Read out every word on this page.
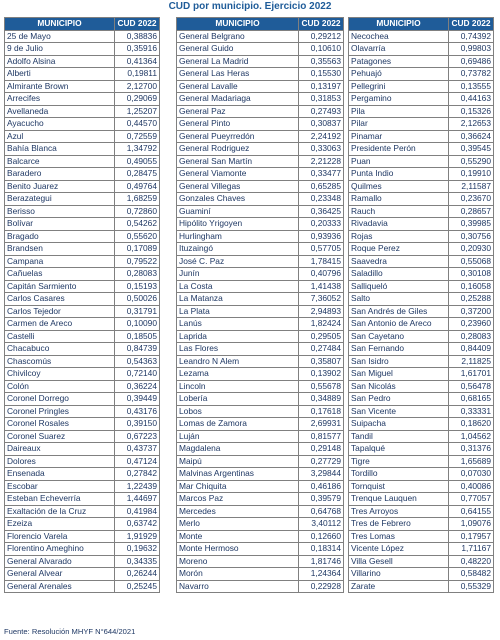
CUD por municipio. Ejercicio 2022
MUNICIPIO	CUD 2022
25 de Mayo	0,38836
9 de Julio	0,35916
Adolfo Alsina	0,41364
Alberti	0,19811
Almirante Brown	2,12700
Arrecifes	0,29069
Avellaneda	1,25207
Ayacucho	0,44570
Azul	0,72559
Bahía Blanca	1,34792
Balcarce	0,49055
Baradero	0,28475
Benito Juarez	0,49764
Berazategui	1,68259
Berisso	0,72860
Bolívar	0,54262
Bragado	0,55620
Brandsen	0,17089
Campana	0,79522
Cañuelas	0,28083
Capitán Sarmiento	0,15193
Carlos Casares	0,50026
Carlos Tejedor	0,31791
Carmen de Areco	0,10090
Castelli	0,18505
Chacabuco	0,84739
Chascomús	0,54363
Chivilcoy	0,72140
Colón	0,36224
Coronel Dorrego	0,39449
Coronel Pringles	0,43176
Coronel Rosales	0,39150
Coronel Suarez	0,67223
Daireaux	0,43737
Dolores	0,47124
Ensenada	0,27842
Escobar	1,22439
Esteban Echeverría	1,44697
Exaltación de la Cruz	0,41984
Ezeiza	0,63742
Florencio Varela	1,91929
Florentino Ameghino	0,19632
General Alvarado	0,34335
General Alvear	0,26244
General Arenales	0,25245
MUNICIPIO	CUD 2022
General Belgrano	0,29212
General Guido	0,10610
General La Madrid	0,35563
General Las Heras	0,15530
General Lavalle	0,13197
General Madariaga	0,31853
General Paz	0,27493
General Pinto	0,30837
General Pueyrredón	2,24192
General Rodriguez	0,33063
General San Martín	2,21228
General Viamonte	0,33477
General Villegas	0,65285
Gonzales Chaves	0,23348
Guaminí	0,36425
Hipólito Yrigoyen	0,20333
Hurlingham	0,93936
Ituzaingó	0,57705
José C. Paz	1,78415
Junín	0,40796
La Costa	1,41438
La Matanza	7,36052
La Plata	2,94893
Lanús	1,82424
Laprida	0,29505
Las Flores	0,27484
Leandro N Alem	0,35807
Lezama	0,13902
Lincoln	0,55678
Lobería	0,34889
Lobos	0,17618
Lomas de Zamora	2,69931
Luján	0,81577
Magdalena	0,29148
Maipú	0,27729
Malvinas Argentinas	3,29844
Mar Chiquita	0,46186
Marcos Paz	0,39579
Mercedes	0,64768
Merlo	3,40112
Monte	0,12660
Monte Hermoso	0,18314
Moreno	1,81746
Morón	1,24364
Navarro	0,22928
MUNICIPIO	CUD 2022
Necochea	0,74392
Olavarría	0,99803
Patagones	0,69486
Pehuajó	0,73782
Pellegrini	0,13555
Pergamino	0,44163
Pila	0,15326
Pilar	2,12653
Pinamar	0,36624
Presidente Perón	0,39545
Puan	0,55290
Punta Indio	0,19910
Quilmes	2,11587
Ramallo	0,23670
Rauch	0,28657
Rivadavia	0,39985
Rojas	0,30756
Roque Perez	0,20930
Saavedra	0,55068
Saladillo	0,30108
Salliqueló	0,16058
Salto	0,25288
San Andrés de Giles	0,37200
San Antonio de Areco	0,23960
San Cayetano	0,28083
San Fernando	0,84409
San Isidro	2,11825
San Miguel	1,61701
San Nicolás	0,56478
San Pedro	0,68165
San Vicente	0,33331
Suipacha	0,18620
Tandil	1,04562
Tapalqué	0,31376
Tigre	1,65689
Tordillo	0,07030
Tornquist	0,40086
Trenque Lauquen	0,77057
Tres Arroyos	0,64155
Tres de Febrero	1,09076
Tres Lomas	0,17957
Vicente López	1,71167
Villa Gesell	0,48220
Villarino	0,58482
Zarate	0,55329
Fuente: Resolución MHYF N°644/2021
